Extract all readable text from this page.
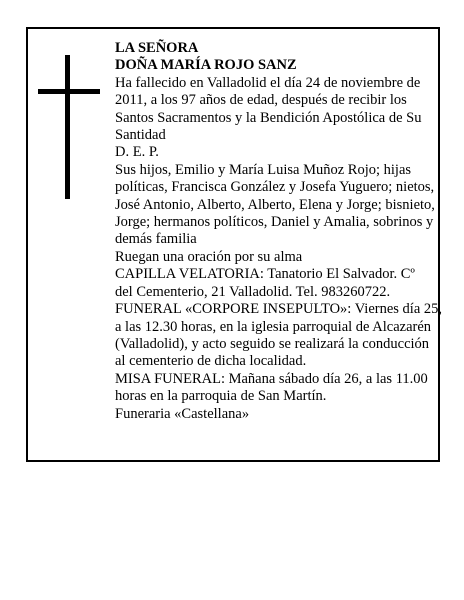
LA SEÑORA
DOÑA MARÍA ROJO SANZ
Ha fallecido en Valladolid el día 24 de noviembre de
2011, a los 97 años de edad, después de recibir los
Santos Sacramentos y la Bendición Apostólica de Su
Santidad
D. E. P.
Sus hijos, Emilio y María Luisa Muñoz Rojo; hijas
políticas, Francisca González y Josefa Yuguero; nietos,
José Antonio, Alberto, Alberto, Elena y Jorge; bisnieto,
Jorge; hermanos políticos, Daniel y Amalia, sobrinos y
demás familia
Ruegan una oración por su alma
CAPILLA VELATORIA: Tanatorio El Salvador. Cº
del Cementerio, 21 Valladolid. Tel. 983260722.
FUNERAL «CORPORE INSEPULTO»: Viernes día 25,
a las 12.30 horas, en la iglesia parroquial de Alcazarén
(Valladolid), y acto seguido se realizará la conducción
al cementerio de dicha localidad.
MISA FUNERAL: Mañana sábado día 26, a las 11.00
horas en la parroquia de San Martín.
Funeraria «Castellana»
